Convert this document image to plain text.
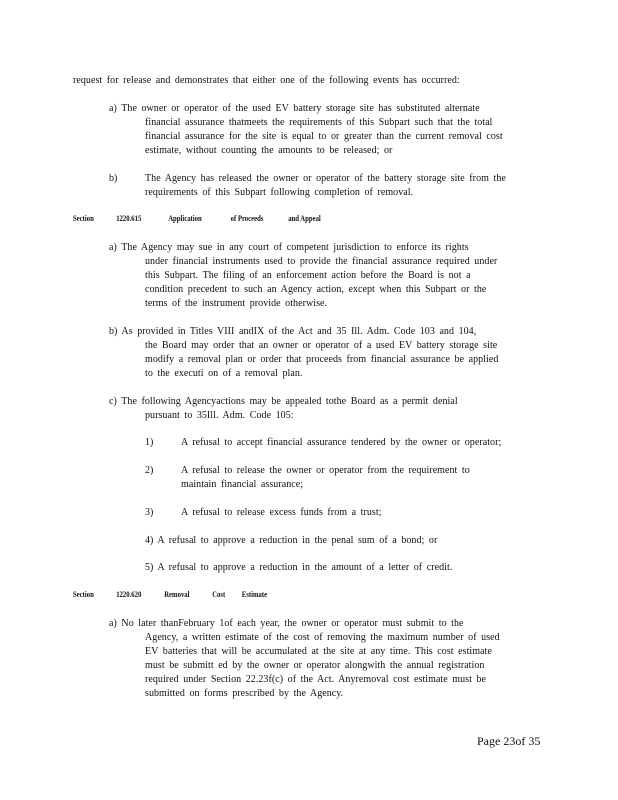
request for release and demonstrates that either one of the following events has occurred:
a) The owner or operator of the used EV battery storage site has substituted alternate
financial assurance thatmeets the requirements of this Subpart such that the total
financial assurance for the site is equal to or greater than the current removal cost
estimate, without counting the amounts to be released; or
b)	The Agency has released the owner or operator of the battery storage site from the
requirements of this Subpart following completion of removal.
Section	1220.615	Application	of Proceeds	and Appeal
a) The Agency may sue in any court of competent jurisdiction to enforce its rights
under financial instruments used to provide the financial assurance required under
this Subpart. The filing of an enforcement action before the Board is not a
condition precedent to such an Agency action, except when this Subpart or the
terms of the instrument provide otherwise.
b) As provided in Titles VIII andIX of the Act and 35 Ill. Adm. Code 103 and 104,
the Board may order that an owner or operator of a used EV battery storage site
modify a removal plan or order that proceeds from financial assurance be applied
to the executi on of a removal plan.
c) The following Agencyactions may be appealed tothe Board as a permit denial
pursuant to 35Ill. Adm. Code 105:
1)	A refusal to accept financial assurance tendered by the owner or operator;
2)	A refusal to release the owner or operator from the requirement to
maintain financial assurance;
3)	A refusal to release excess funds from a trust;
4) A refusal to approve a reduction in the penal sum of a bond; or
5) A refusal to approve a reduction in the amount of a letter of credit.
Section	1220.620	Removal	Cost Estimate
a) No later thanFebruary 1of each year, the owner or operator must submit to the
Agency, a written estimate of the cost of removing the maximum number of used
EV batteries that will be accumulated at the site at any time. This cost estimate
must be submitt ed by the owner or operator alongwith the annual registration
required under Section 22.23f(c) of the Act. Anyremoval cost estimate must be
submitted on forms prescribed by the Agency.
Page 23of 35
